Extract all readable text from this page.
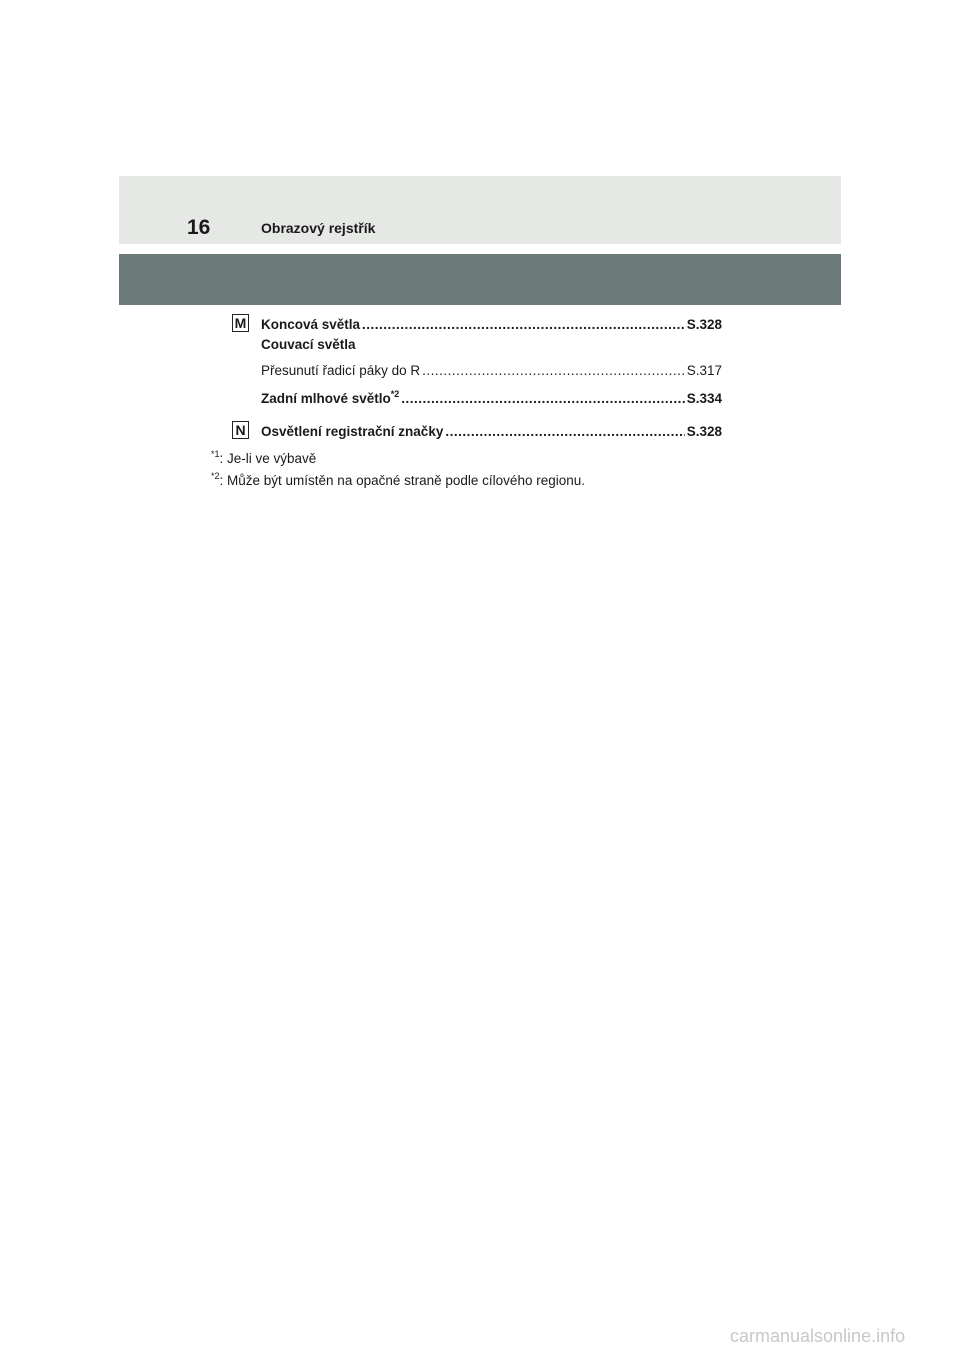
16	Obrazový rejstřík
M Koncová světla .....	S.328
Couvací světla
Přesunutí řadicí páky do R .....	S.317
Zadní mlhové světlo$^{*2}$ .....	S.334
N Osvětlení registrační značky .....	S.328
$^{*1}$: Je-li ve výbavě
$^{*2}$: Může být umístěn na opačné straně podle cílového regionu.
carmanualsonline.info
